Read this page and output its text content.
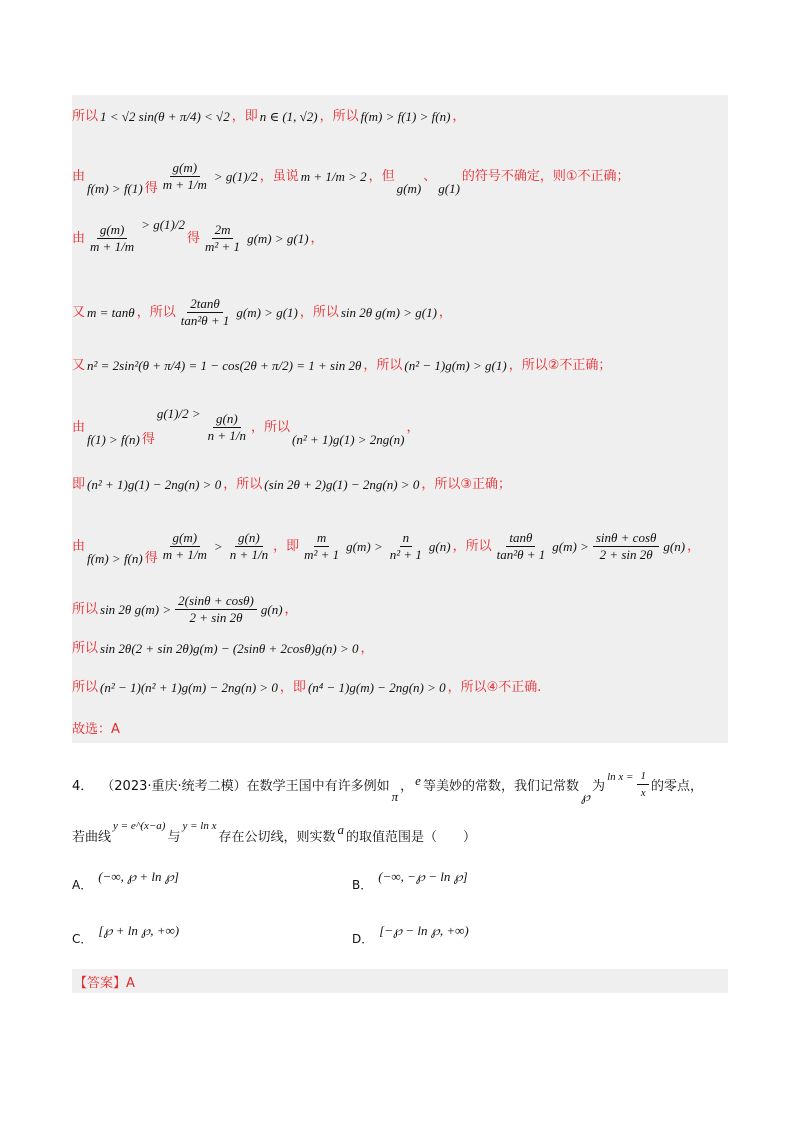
所以 1 < √2 sin(θ + π/4) < √2 ，即 n ∈ (1, √2) ，所以 f(m) > f(1) > f(n) ，
由
f(m) > f(1) 得 $\frac{g(m)}{m + 1/m} > g(1)/2$ ，虽说 m + 1/m > 2 ，但
g(m)
、
g(1)
的符号不确定，则①不正确；
由 $\frac{g(m)}{m + 1/m} > g(1)/2$
得 $\frac{2m}{\text{m² + 1}} g(m) > g(1)$ ，
又 m = tanθ ，所以 $\frac{2\tan\theta}{\text{tan²θ + 1}} g(m) > g(1)$ ，所以 sin 2θ g(m) > g(1) ，
又 n² = 2sin²(θ + π/4) = 1 − cos(2θ + π/2) = 1 + sin 2θ ，所以 (n² − 1)g(m) > g(1) ，所以②不正确；
由
f(1) > f(n) 得
$g(1)/2 > \frac{g(n)}{n + 1/n}$ ，所以
(n² + 1)g(1) > 2ng(n)
，
即 (n² + 1)g(1) − 2ng(n) > 0 ，所以 (sin 2θ + 2)g(1) − 2ng(n) > 0 ，所以③正确；
由
f(m) > f(n) 得 $\frac{g(m)}{m + 1/m} > \frac{g(n)}{n + 1/n}$ ，即 $\frac{m}{\text{m² + 1}} g(m) > \frac{n}{\text{n² + 1}} g(n)$ ，所以 $\frac{\tan\theta}{\text{tan²θ + 1}} g(m) > \frac{\sin\theta + \cos\theta}{2 + \sin 2\theta} g(n)$ ，
所以 sin 2θ $g(m) > \frac{2(\sin\theta + \cos\theta)}{2 + \sin 2\theta} g(n)$ ，
所以 sin 2θ(2 + sin 2θ)g(m) − (2sinθ + 2cosθ)g(n) > 0 ，
所以 (n² − 1)(n² + 1)g(m) − 2ng(n) > 0 ，即 (n⁴ − 1)g(m) − 2ng(n) > 0 ，所以④不正确.
故选：A
4． （2023·重庆·统考二模）在数学王国中有许多例如
π
， e 等美妙的常数，我们记常数
℘
为
$\ln x = \frac{1}{x}$ 的零点，
若曲线
y = e^(x−a)
与
y = ln x
存在公切线，则实数
a
的取值范围是（　　）
A．
(−∞, ℘ + ln ℘]
B．
(−∞, −℘ − ln ℘]
C．
[℘ + ln ℘, +∞)
D．
[−℘ − ln ℘, +∞)
【答案】A
